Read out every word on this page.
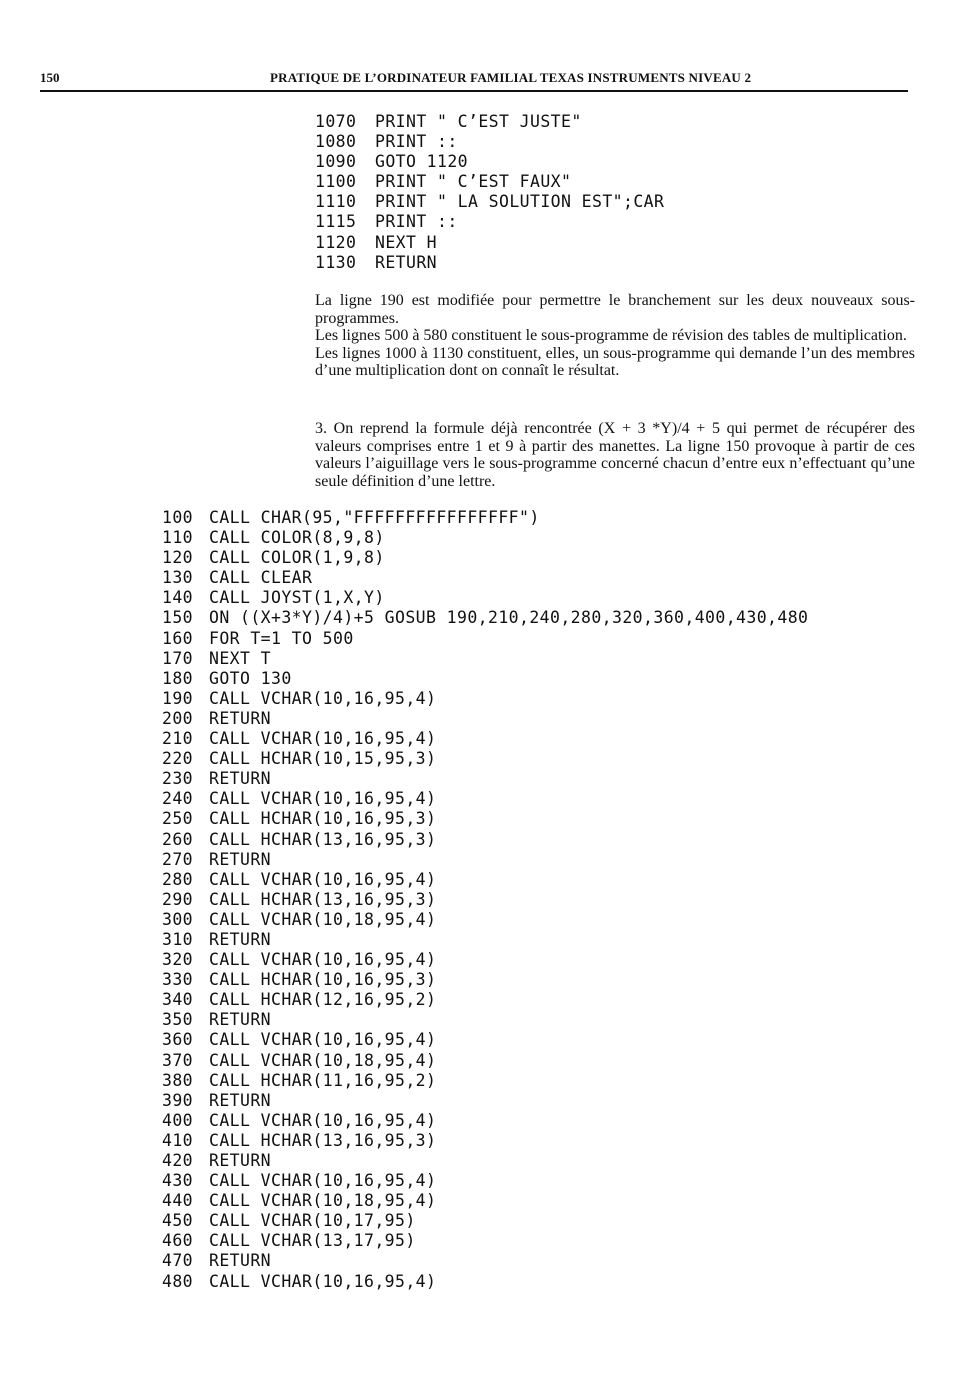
150	PRATIQUE DE L’ORDINATEUR FAMILIAL TEXAS INSTRUMENTS NIVEAU 2
1070 PRINT " C’EST JUSTE"
1080 PRINT ::
1090 GOTO 1120
1100 PRINT " C’EST FAUX"
1110 PRINT " LA SOLUTION EST";CAR
1115 PRINT ::
1120 NEXT H
1130 RETURN

La ligne 190 est modifiée pour permettre le branchement sur les deux nouveaux sous-programmes.

Les lignes 500 à 580 constituent le sous-programme de révision des tables de multiplication.

Les lignes 1000 à 1130 constituent, elles, un sous-programme qui demande l’un des membres d’une multiplication dont on connaît le résultat.

3. On reprend la formule déjà rencontrée (X + 3 *Y)/4 + 5 qui permet de récupérer des valeurs comprises entre 1 et 9 à partir des manettes. La ligne 150 provoque à partir de ces valeurs l’aiguillage vers le sous-programme concerné chacun d’entre eux n’effectuant qu’une seule définition d’une lettre.

100 CALL CHAR(95,"FFFFFFFFFFFFFFFF")
110 CALL COLOR(8,9,8)
120 CALL COLOR(1,9,8)
130 CALL CLEAR
140 CALL JOYST(1,X,Y)
150 ON ((X+3*Y)/4)+5 GOSUB 190,210,240,280,320,360,400,430,480
160 FOR T=1 TO 500
170 NEXT T
180 GOTO 130
190 CALL VCHAR(10,16,95,4)
200 RETURN
210 CALL VCHAR(10,16,95,4)
220 CALL HCHAR(10,15,95,3)
230 RETURN
240 CALL VCHAR(10,16,95,4)
250 CALL HCHAR(10,16,95,3)
260 CALL HCHAR(13,16,95,3)
270 RETURN
280 CALL VCHAR(10,16,95,4)
290 CALL HCHAR(13,16,95,3)
300 CALL VCHAR(10,18,95,4)
310 RETURN
320 CALL VCHAR(10,16,95,4)
330 CALL HCHAR(10,16,95,3)
340 CALL HCHAR(12,16,95,2)
350 RETURN
360 CALL VCHAR(10,16,95,4)
370 CALL VCHAR(10,18,95,4)
380 CALL HCHAR(11,16,95,2)
390 RETURN
400 CALL VCHAR(10,16,95,4)
410 CALL HCHAR(13,16,95,3)
420 RETURN
430 CALL VCHAR(10,16,95,4)
440 CALL VCHAR(10,18,95,4)
450 CALL VCHAR(10,17,95)
460 CALL VCHAR(13,17,95)
470 RETURN
480 CALL VCHAR(10,16,95,4)
